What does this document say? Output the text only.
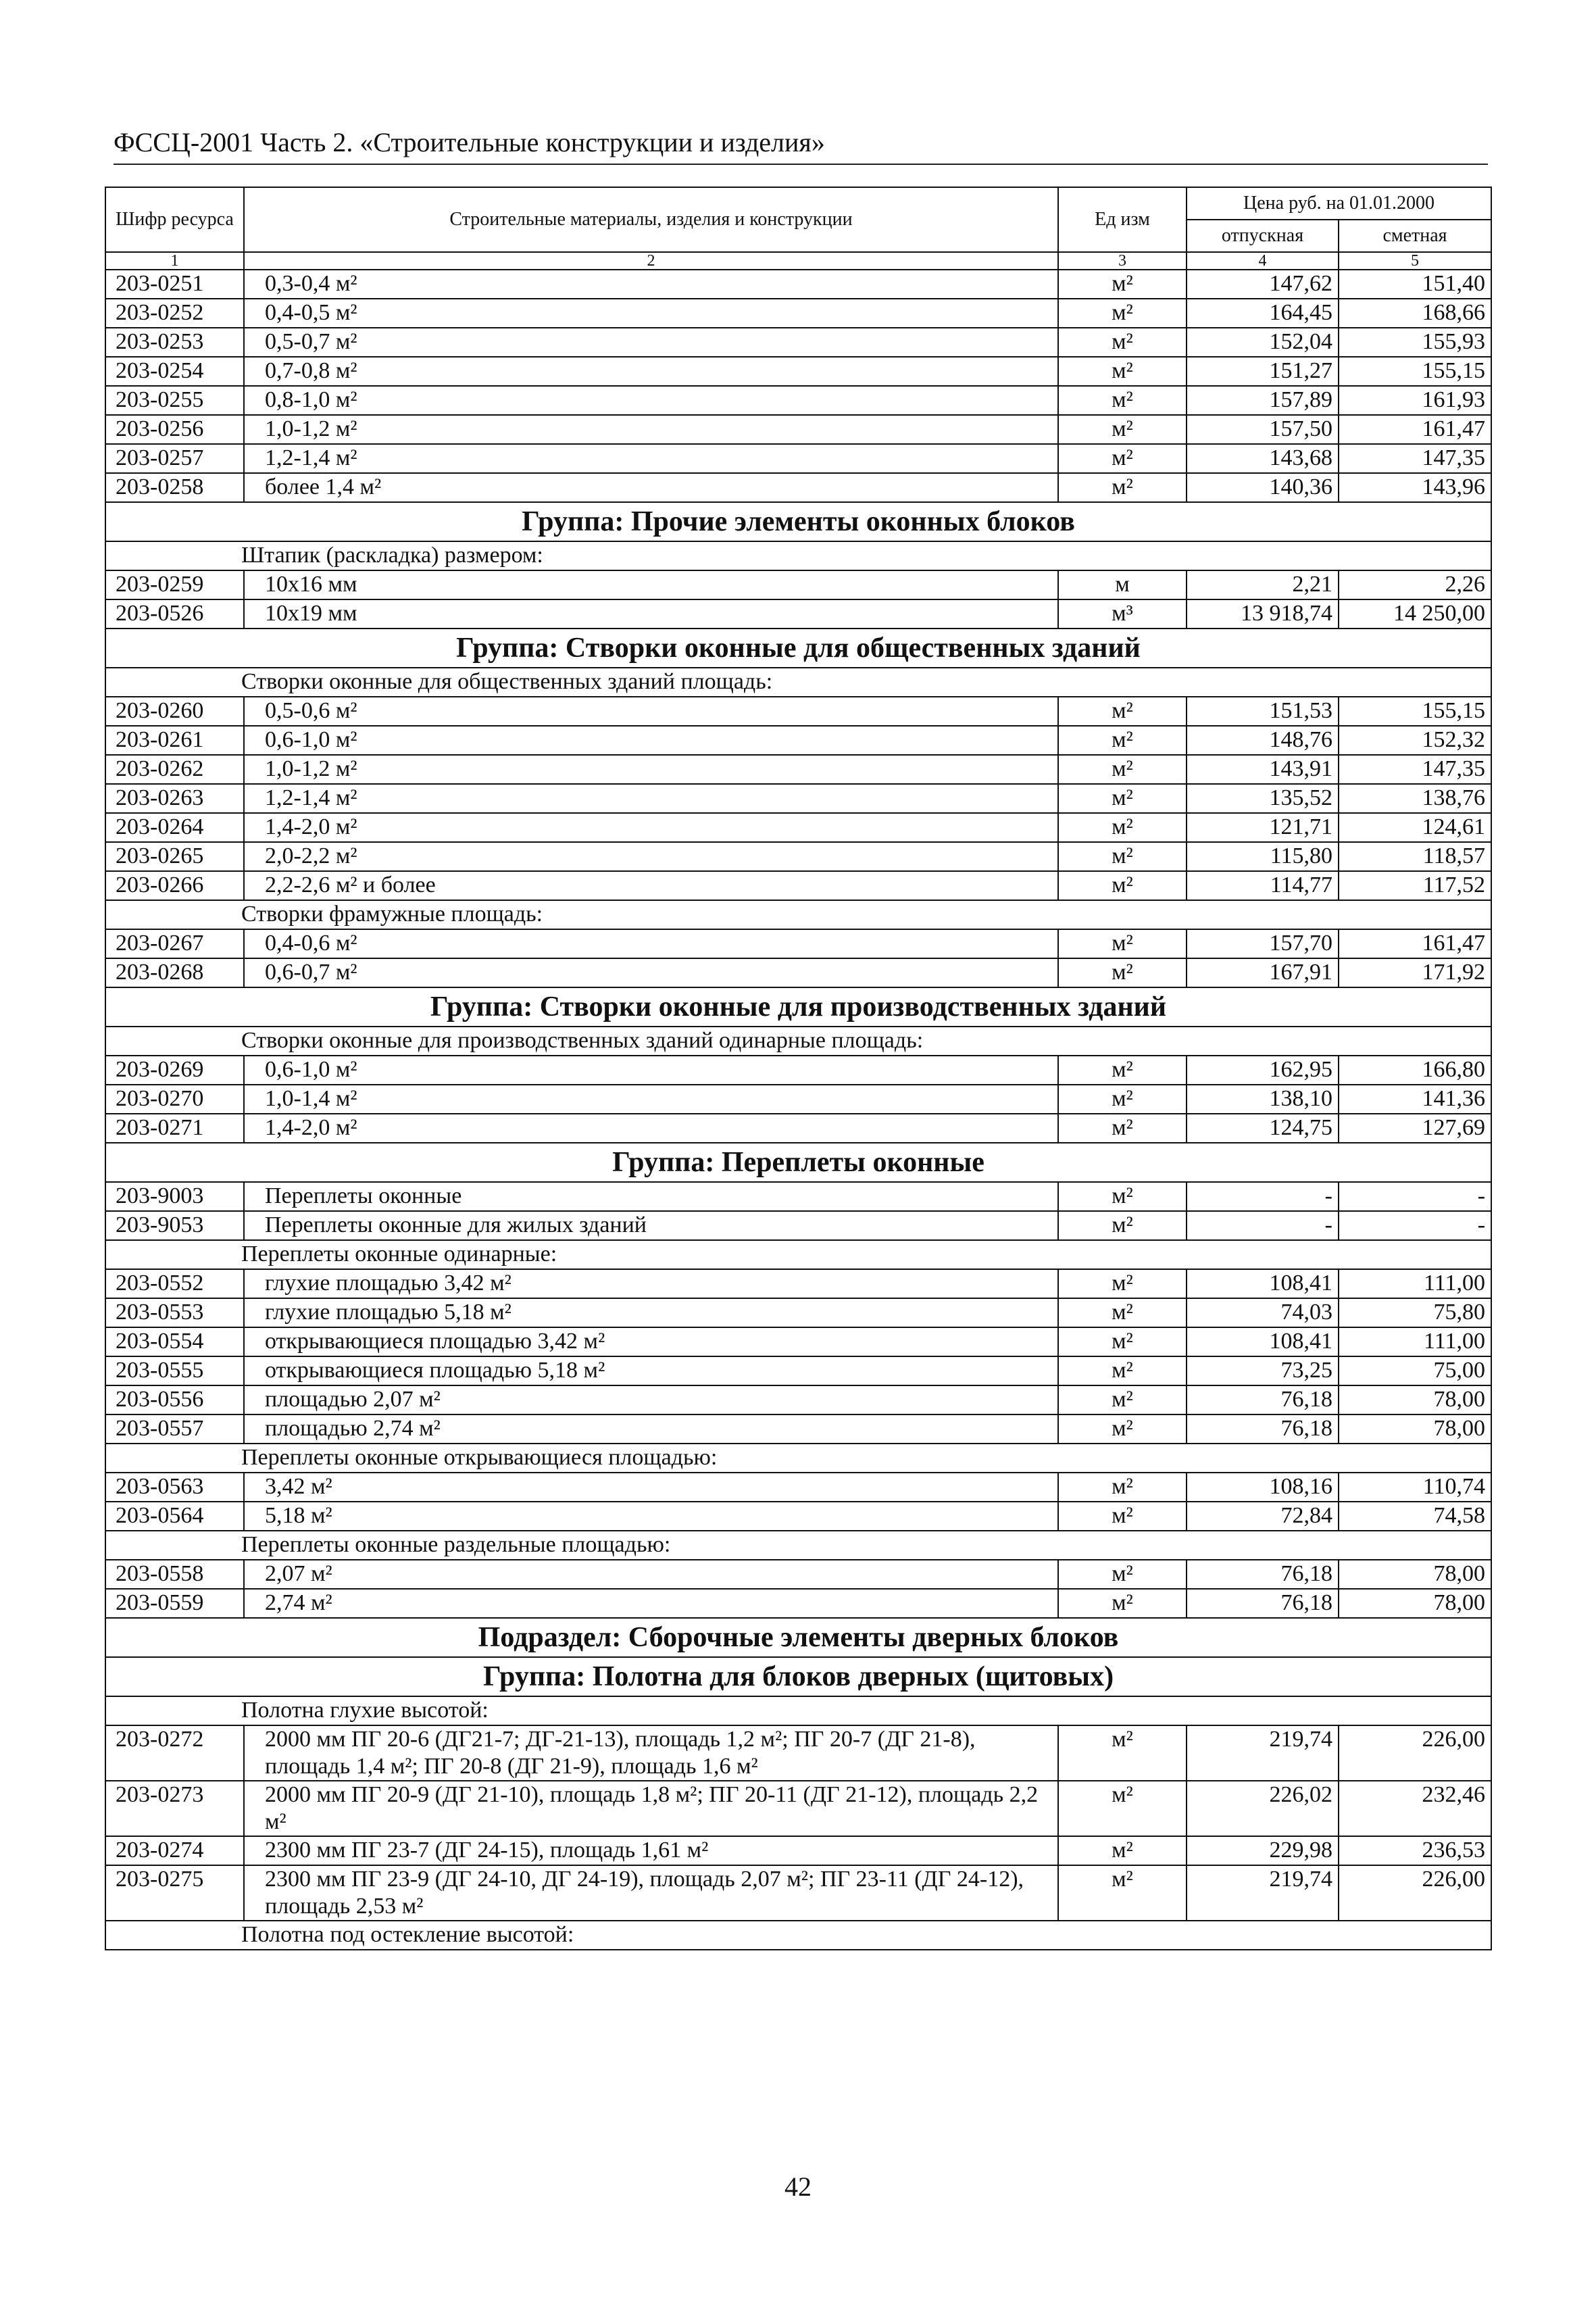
ФССЦ-2001 Часть 2. «Строительные конструкции и изделия»
Шифр ресурса	Строительные материалы, изделия и конструкции	Ед изм	Цена руб. на 01.01.2000	
			отпускная	сметная
1	2	3	4	5
203-0251	0,3-0,4 м²	м²	147,62	151,40
203-0252	0,4-0,5 м²	м²	164,45	168,66
203-0253	0,5-0,7 м²	м²	152,04	155,93
203-0254	0,7-0,8 м²	м²	151,27	155,15
203-0255	0,8-1,0 м²	м²	157,89	161,93
203-0256	1,0-1,2 м²	м²	157,50	161,47
203-0257	1,2-1,4 м²	м²	143,68	147,35
203-0258	более 1,4 м²	м²	140,36	143,96
Группа: Прочие элементы оконных блоков				
Штапик (раскладка) размером:				
203-0259	10x16 мм	м	2,21	2,26
203-0526	10x19 мм	м³	13 918,74	14 250,00
Группа: Створки оконные для общественных зданий				
Створки оконные для общественных зданий площадь:				
203-0260	0,5-0,6 м²	м²	151,53	155,15
203-0261	0,6-1,0 м²	м²	148,76	152,32
203-0262	1,0-1,2 м²	м²	143,91	147,35
203-0263	1,2-1,4 м²	м²	135,52	138,76
203-0264	1,4-2,0 м²	м²	121,71	124,61
203-0265	2,0-2,2 м²	м²	115,80	118,57
203-0266	2,2-2,6 м² и более	м²	114,77	117,52
Створки фрамужные площадь:				
203-0267	0,4-0,6 м²	м²	157,70	161,47
203-0268	0,6-0,7 м²	м²	167,91	171,92
Группа: Створки оконные для производственных зданий				
Створки оконные для производственных зданий одинарные площадь:				
203-0269	0,6-1,0 м²	м²	162,95	166,80
203-0270	1,0-1,4 м²	м²	138,10	141,36
203-0271	1,4-2,0 м²	м²	124,75	127,69
Группа: Переплеты оконные				
203-9003	Переплеты оконные	м²	-	-
203-9053	Переплеты оконные для жилых зданий	м²	-	-
Переплеты оконные одинарные:				
203-0552	глухие площадью 3,42 м²	м²	108,41	111,00
203-0553	глухие площадью 5,18 м²	м²	74,03	75,80
203-0554	открывающиеся площадью 3,42 м²	м²	108,41	111,00
203-0555	открывающиеся площадью 5,18 м²	м²	73,25	75,00
203-0556	площадью 2,07 м²	м²	76,18	78,00
203-0557	площадью 2,74 м²	м²	76,18	78,00
Переплеты оконные открывающиеся площадью:				
203-0563	3,42 м²	м²	108,16	110,74
203-0564	5,18 м²	м²	72,84	74,58
Переплеты оконные раздельные площадью:				
203-0558	2,07 м²	м²	76,18	78,00
203-0559	2,74 м²	м²	76,18	78,00
Подраздел: Сборочные элементы дверных блоков				
Группа: Полотна для блоков дверных (щитовых)				
Полотна глухие высотой:				
203-0272	2000 мм ПГ 20-6 (ДГ21-7; ДГ-21-13), площадь 1,2 м²; ПГ 20-7 (ДГ 21-8), площадь 1,4 м²; ПГ 20-8 (ДГ 21-9), площадь 1,6 м²	м²	219,74	226,00
203-0273	2000 мм ПГ 20-9 (ДГ 21-10), площадь 1,8 м²; ПГ 20-11 (ДГ 21-12), площадь 2,2 м²	м²	226,02	232,46
203-0274	2300 мм ПГ 23-7 (ДГ 24-15), площадь 1,61 м²	м²	229,98	236,53
203-0275	2300 мм ПГ 23-9 (ДГ 24-10, ДГ 24-19), площадь 2,07 м²; ПГ 23-11 (ДГ 24-12), площадь 2,53 м²	м²	219,74	226,00
Полотна под остекление высотой:				
42
